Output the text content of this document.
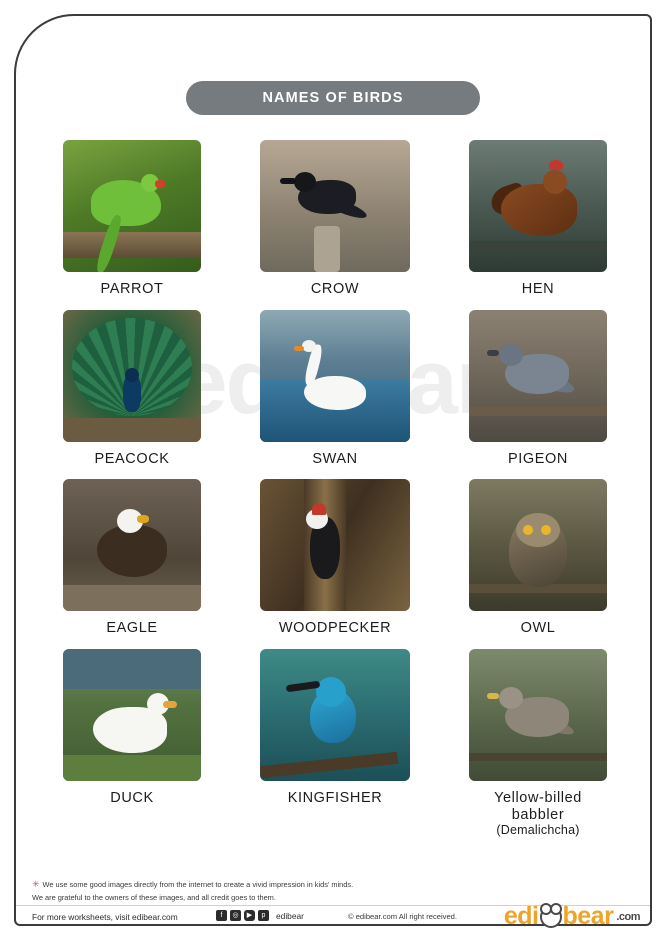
NAMES OF BIRDS
PARROT	CROW	HEN
PEACOCK	SWAN	PIGEON
EAGLE	WOODPECKER	OWL
DUCK	KINGFISHER	Yellow-billed babbler
(Demalichcha)
✳ We use some good images directly from the internet to create a vivid impression in kids' minds.
We are grateful to the owners of these images, and all credit goes to them.
For more worksheets, visit edibear.com	f	◎	▶	p	edibear	© edibear.com All right received. edi bear .com
